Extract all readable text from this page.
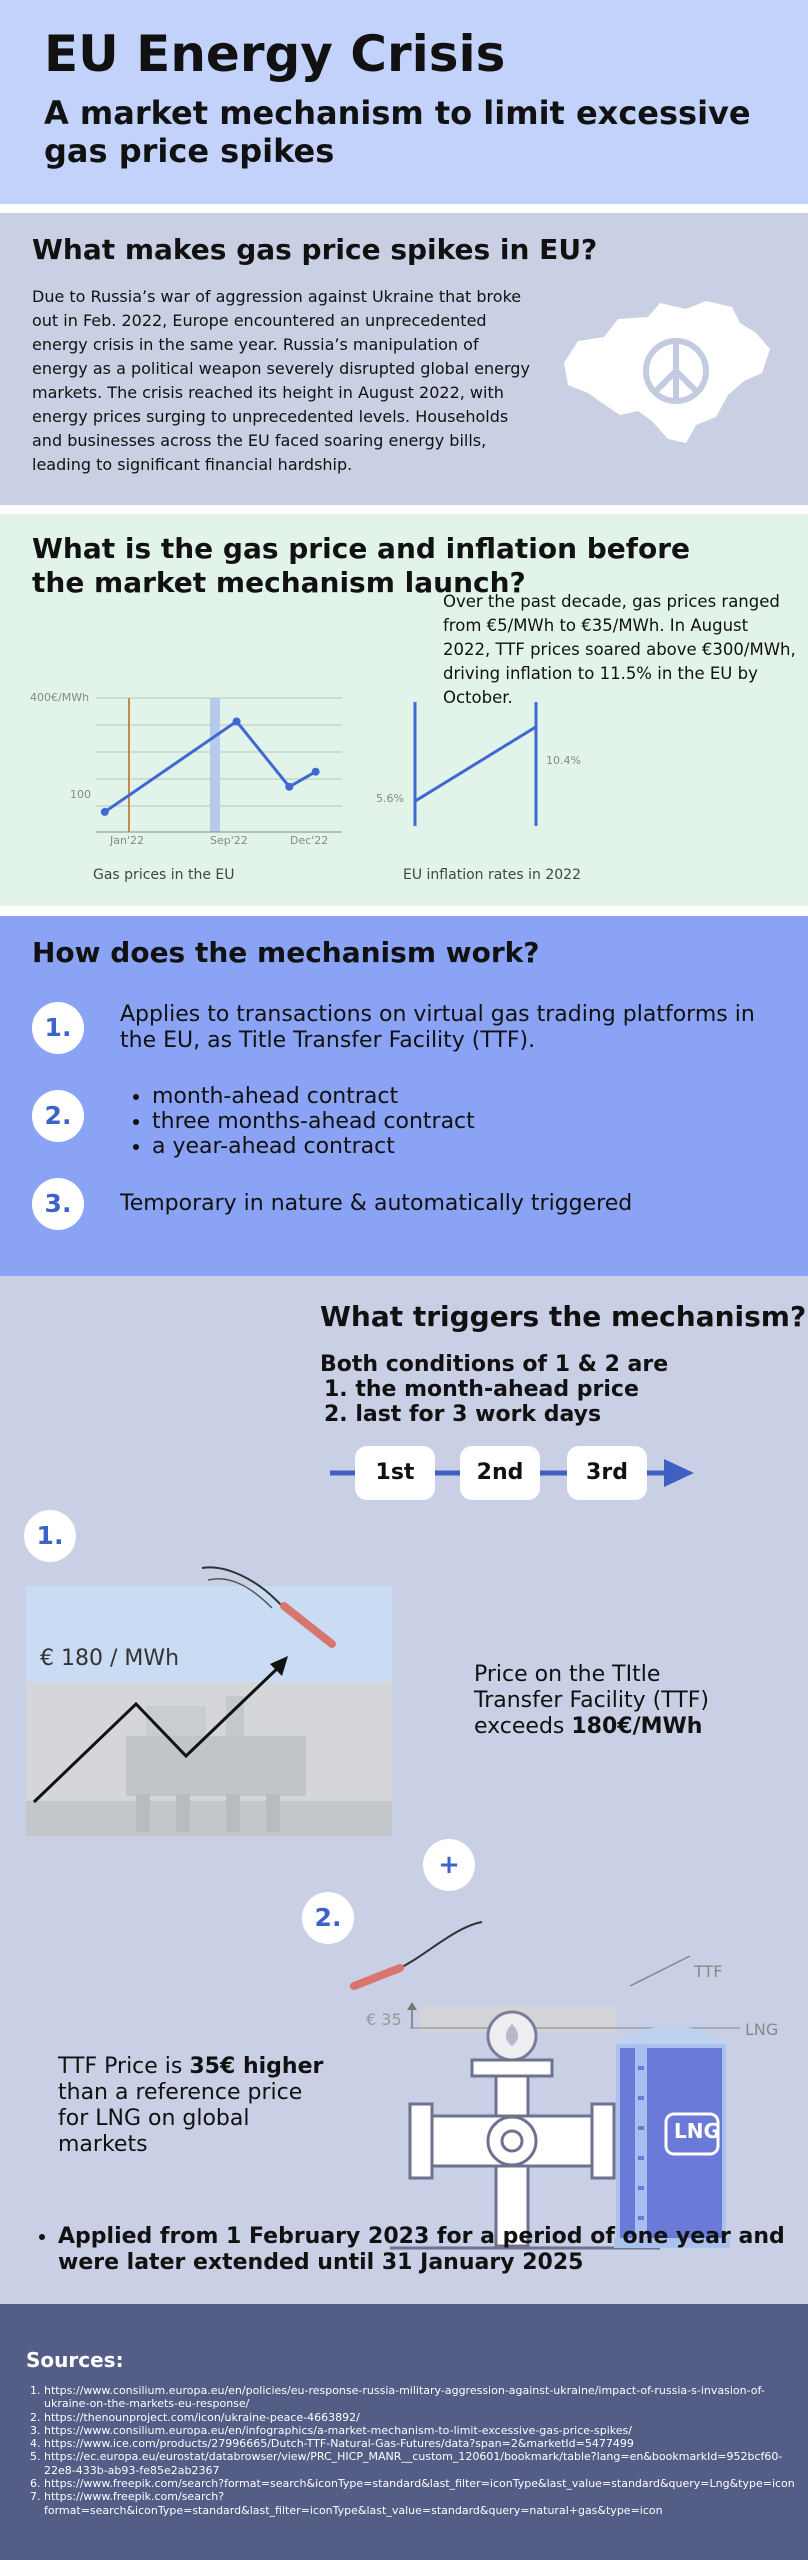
EU Energy Crisis
A market mechanism to limit excessive gas price spikes
What makes gas price spikes in EU?
Due to Russia’s war of aggression against Ukraine that broke out in Feb. 2022, Europe encountered an unprecedented energy crisis in the same year. Russia’s manipulation of energy as a political weapon severely disrupted global energy markets. The crisis reached its height in August 2022, with energy prices surging to unprecedented levels. Households and businesses across the EU faced soaring energy bills, leading to significant financial hardship.
What is the gas price and inflation before the market mechanism launch?
Over the past decade, gas prices ranged from €5/MWh to €35/MWh. In August 2022, TTF prices soared above €300/MWh, driving inflation to 11.5% in the EU by October.
400€/MWh
100
Jan'22	Sep'22	Dec'22
Gas prices in the EU
5.6%
10.4%
EU inflation rates in 2022
How does the mechanism work?
1.	Applies to transactions on virtual gas trading platforms in the EU, as Title Transfer Facility (TTF).
2.
• month-ahead contract
• three months-ahead contract
• a year-ahead contract
3.	Temporary in nature & automatically triggered
What triggers the mechanism?
Both conditions of 1 & 2 are
1. the month-ahead price
2. last for 3 work days
1st	2nd	3rd
1.
€ 180 / MWh
Price on the TItle Transfer Facility (TTF) exceeds 180€/MWh
+
2.
TTF
LNG
€ 35
LNG
TTF Price is 35€ higher than a reference price for LNG on global markets
• Applied from 1 February 2023 for a period of one year and were later extended until 31 January 2025
Sources:
1. https://www.consilium.europa.eu/en/policies/eu-response-russia-military-aggression-against-ukraine/impact-of-russia-s-invasion-of-ukraine-on-the-markets-eu-response/
2. https://thenounproject.com/icon/ukraine-peace-4663892/
3. https://www.consilium.europa.eu/en/infographics/a-market-mechanism-to-limit-excessive-gas-price-spikes/
4. https://www.ice.com/products/27996665/Dutch-TTF-Natural-Gas-Futures/data?span=2&marketId=5477499
5. https://ec.europa.eu/eurostat/databrowser/view/PRC_HICP_MANR__custom_120601/bookmark/table?lang=en&bookmarkId=952bcf60-22e8-433b-ab93-fe85e2ab2367
6. https://www.freepik.com/search?format=search&iconType=standard&last_filter=iconType&last_value=standard&query=Lng&type=icon
7. https://www.freepik.com/search?format=search&iconType=standard&last_filter=iconType&last_value=standard&query=natural+gas&type=icon
